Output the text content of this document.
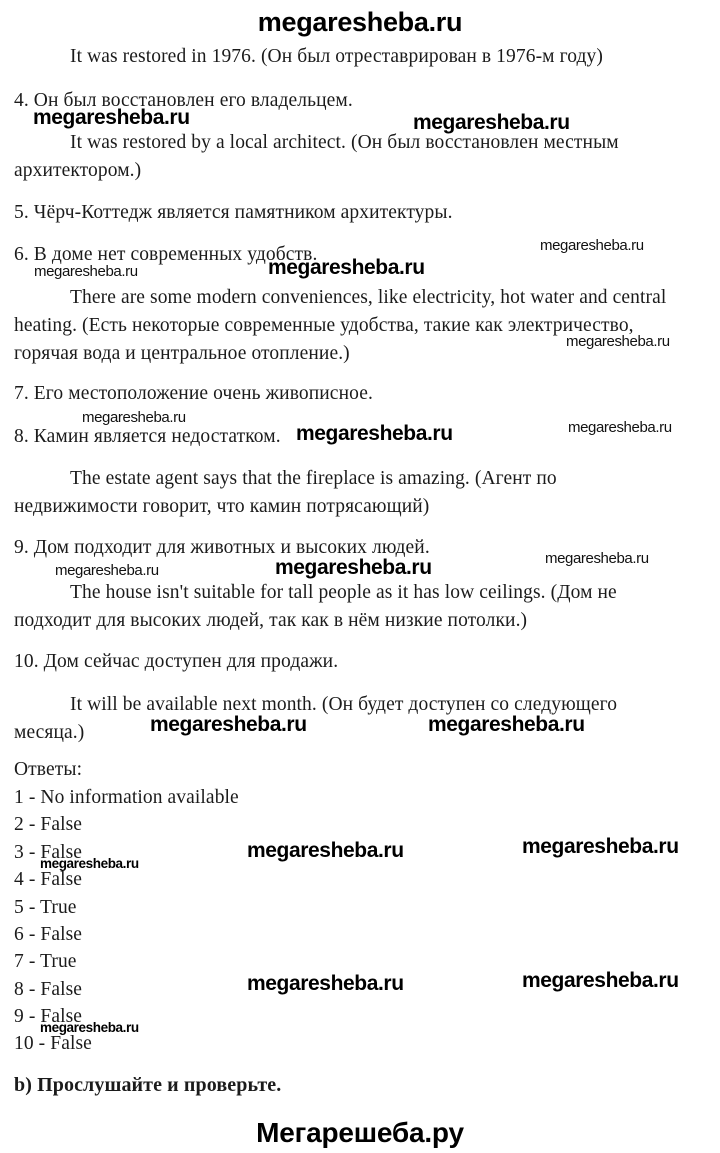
megaresheba.ru
It was restored in 1976. (Он был отреставрирован в 1976-м году)
4. Он был восстановлен его владельцем.
megaresheba.ru	megaresheba.ru
It was restored by a local architect. (Он был восстановлен местным
архитектором.)
5. Чёрч-Коттедж является памятником архитектуры.
6. В доме нет современных удобств.	megaresheba.ru
megaresheba.ru	megaresheba.ru
There are some modern conveniences, like electricity, hot water and central
heating. (Есть некоторые современные удобства, такие как электричество,
горячая вода и центральное отопление.)
megaresheba.ru
7. Его местоположение очень живописное.
megaresheba.ru
8. Камин является недостатком. megaresheba.ru	megaresheba.ru
The estate agent says that the fireplace is amazing. (Агент по
недвижимости говорит, что камин потрясающий)
9. Дом подходит для животных и высоких людей.
megaresheba.ru	megaresheba.ru	megaresheba.ru
The house isn't suitable for tall people as it has low ceilings. (Дом не
подходит для высоких людей, так как в нём низкие потолки.)
10. Дом сейчас доступен для продажи.
It will be available next month. (Он будет доступен со следующего
месяца.)	megaresheba.ru	megaresheba.ru
Ответы:
1 - No information available
2 - False
3 - False	megaresheba.ru	megaresheba.ru
megaresheba.ru
4 - False
5 - True
6 - False
7 - True
8 - False	megaresheba.ru	megaresheba.ru
9 - False
megaresheba.ru
10 - False
b) Прослушайте и проверьте.
Мегарешеба.ру
